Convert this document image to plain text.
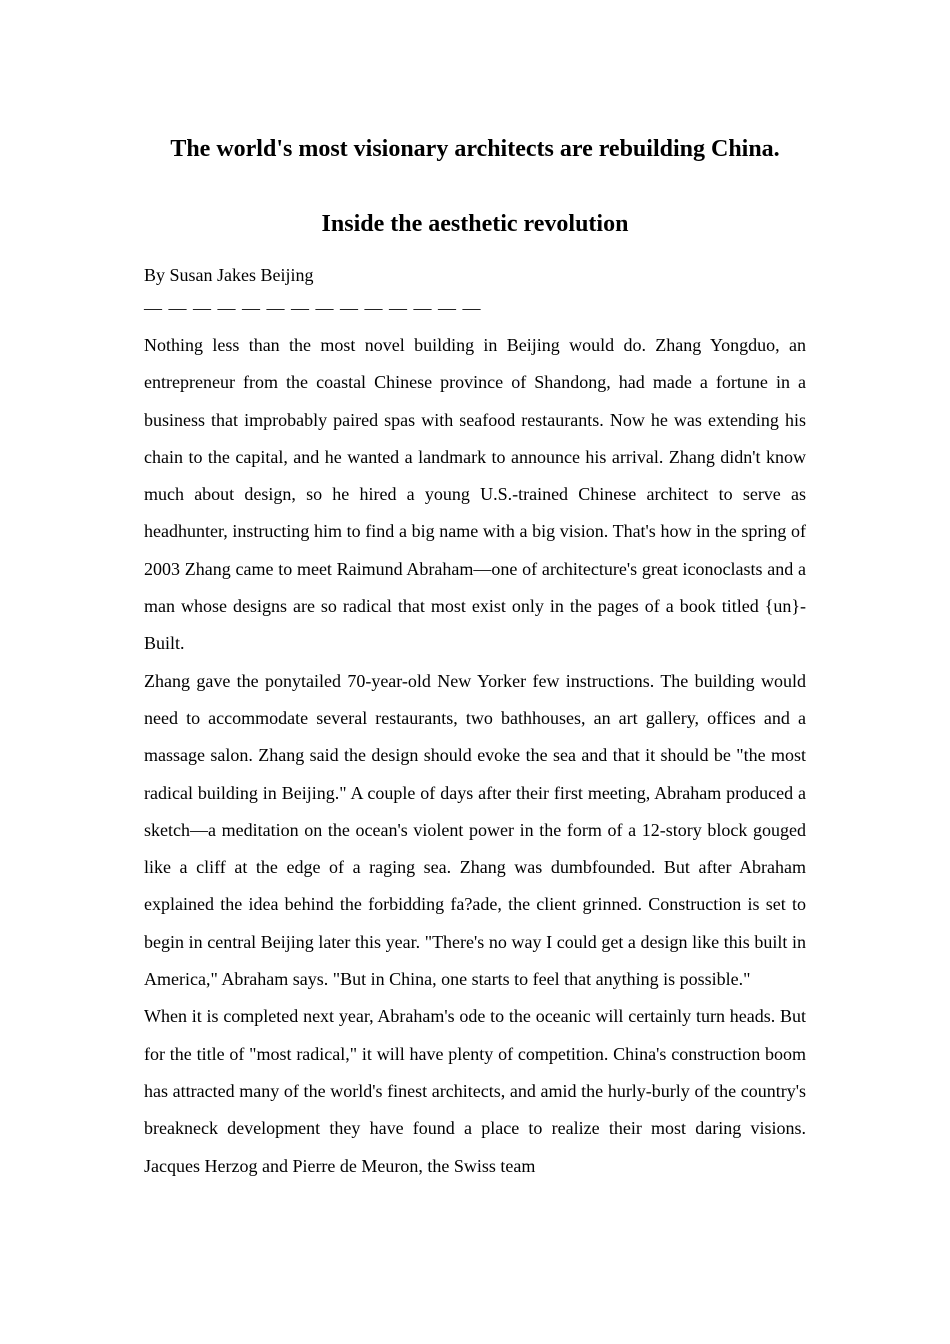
The world's most visionary architects are rebuilding China.
Inside the aesthetic revolution

By Susan Jakes Beijing

— — — — — — — — — — — — — —

Nothing less than the most novel building in Beijing would do. Zhang Yongduo, an entrepreneur from the coastal Chinese province of Shandong, had made a fortune in a business that improbably paired spas with seafood restaurants. Now he was extending his chain to the capital, and he wanted a landmark to announce his arrival. Zhang didn't know much about design, so he hired a young U.S.-trained Chinese architect to serve as headhunter, instructing him to find a big name with a big vision. That's how in the spring of 2003 Zhang came to meet Raimund Abraham—one of architecture's great iconoclasts and a man whose designs are so radical that most exist only in the pages of a book titled {un}-Built.

Zhang gave the ponytailed 70-year-old New Yorker few instructions. The building would need to accommodate several restaurants, two bathhouses, an art gallery, offices and a massage salon. Zhang said the design should evoke the sea and that it should be "the most radical building in Beijing." A couple of days after their first meeting, Abraham produced a sketch—a meditation on the ocean's violent power in the form of a 12-story block gouged like a cliff at the edge of a raging sea. Zhang was dumbfounded. But after Abraham explained the idea behind the forbidding fa?ade, the client grinned. Construction is set to begin in central Beijing later this year. "There's no way I could get a design like this built in America," Abraham says. "But in China, one starts to feel that anything is possible."

When it is completed next year, Abraham's ode to the oceanic will certainly turn heads. But for the title of "most radical," it will have plenty of competition. China's construction boom has attracted many of the world's finest architects, and amid the hurly-burly of the country's breakneck development they have found a place to realize their most daring visions. Jacques Herzog and Pierre de Meuron, the Swiss team
